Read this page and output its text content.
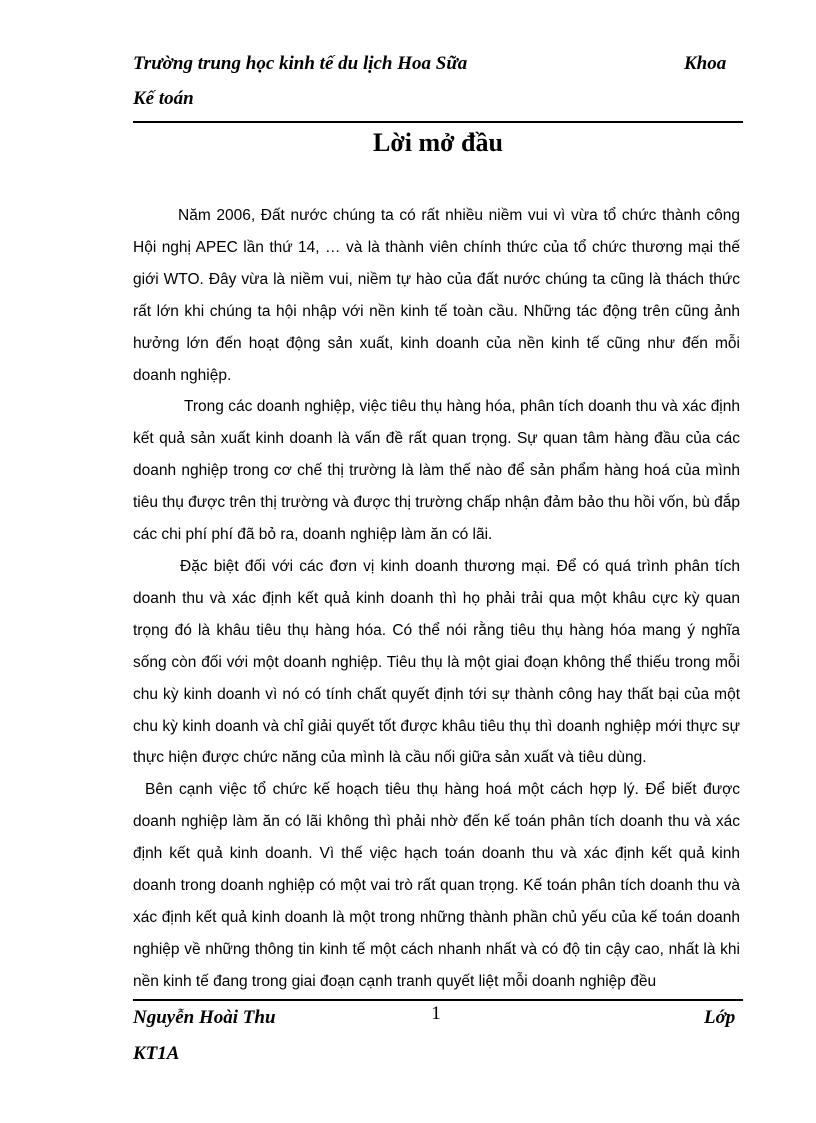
Trường trung học kinh tế du lịch Hoa Sữa	Khoa
Kế toán
Lời mở đầu

Năm 2006, Đất nước chúng ta có rất nhiều niềm vui vì vừa tổ chức thành công Hội nghị APEC lần thứ 14, … và là thành viên chính thức của tổ chức thương mại thế giới WTO. Đây vừa là niềm vui, niềm tự hào của đất nước chúng ta cũng là thách thức rất lớn khi chúng ta hội nhập với nền kinh tế toàn cầu. Những tác động trên cũng ảnh hưởng lớn đến hoạt động sản xuất, kinh doanh của nền kinh tế cũng như đến mỗi doanh nghiệp.

Trong các doanh nghiệp, việc tiêu thụ hàng hóa, phân tích doanh thu và xác định kết quả sản xuất kinh doanh là vấn đề rất quan trọng. Sự quan tâm hàng đầu của các doanh nghiệp trong cơ chế thị trường là làm thế nào để sản phẩm hàng hoá của mình tiêu thụ được trên thị trường và được thị trường chấp nhận đảm bảo thu hồi vốn, bù đắp các chi phí phí đã bỏ ra, doanh nghiệp làm ăn có lãi.

Đặc biệt đối với các đơn vị kinh doanh thương mại. Để có quá trình phân tích doanh thu và xác định kết quả kinh doanh thì họ phải trải qua một khâu cực kỳ quan trọng đó là khâu tiêu thụ hàng hóa. Có thể nói rằng tiêu thụ hàng hóa mang ý nghĩa sống còn đối với một doanh nghiệp. Tiêu thụ là một giai đoạn không thể thiếu trong mỗi chu kỳ kinh doanh vì nó có tính chất quyết định tới sự thành công hay thất bại của một chu kỳ kinh doanh và chỉ giải quyết tốt được khâu tiêu thụ thì doanh nghiệp mới thực sự thực hiện được chức năng của mình là cầu nối giữa sản xuất và tiêu dùng.

Bên cạnh việc tổ chức kế hoạch tiêu thụ hàng hoá một cách hợp lý. Để biết được doanh nghiệp làm ăn có lãi không thì phải nhờ đến kế toán phân tích doanh thu và xác định kết quả kinh doanh. Vì thế việc hạch toán doanh thu và xác định kết quả kinh doanh trong doanh nghiệp có một vai trò rất quan trọng. Kế toán phân tích doanh thu và xác định kết quả kinh doanh là một trong những thành phần chủ yếu của kế toán doanh nghiệp về những thông tin kinh tế một cách nhanh nhất và có độ tin cậy cao, nhất là khi nền kinh tế đang trong giai đoạn cạnh tranh quyết liệt mỗi doanh nghiệp đều

Nguyễn Hoài Thu	1	Lớp
KT1A
